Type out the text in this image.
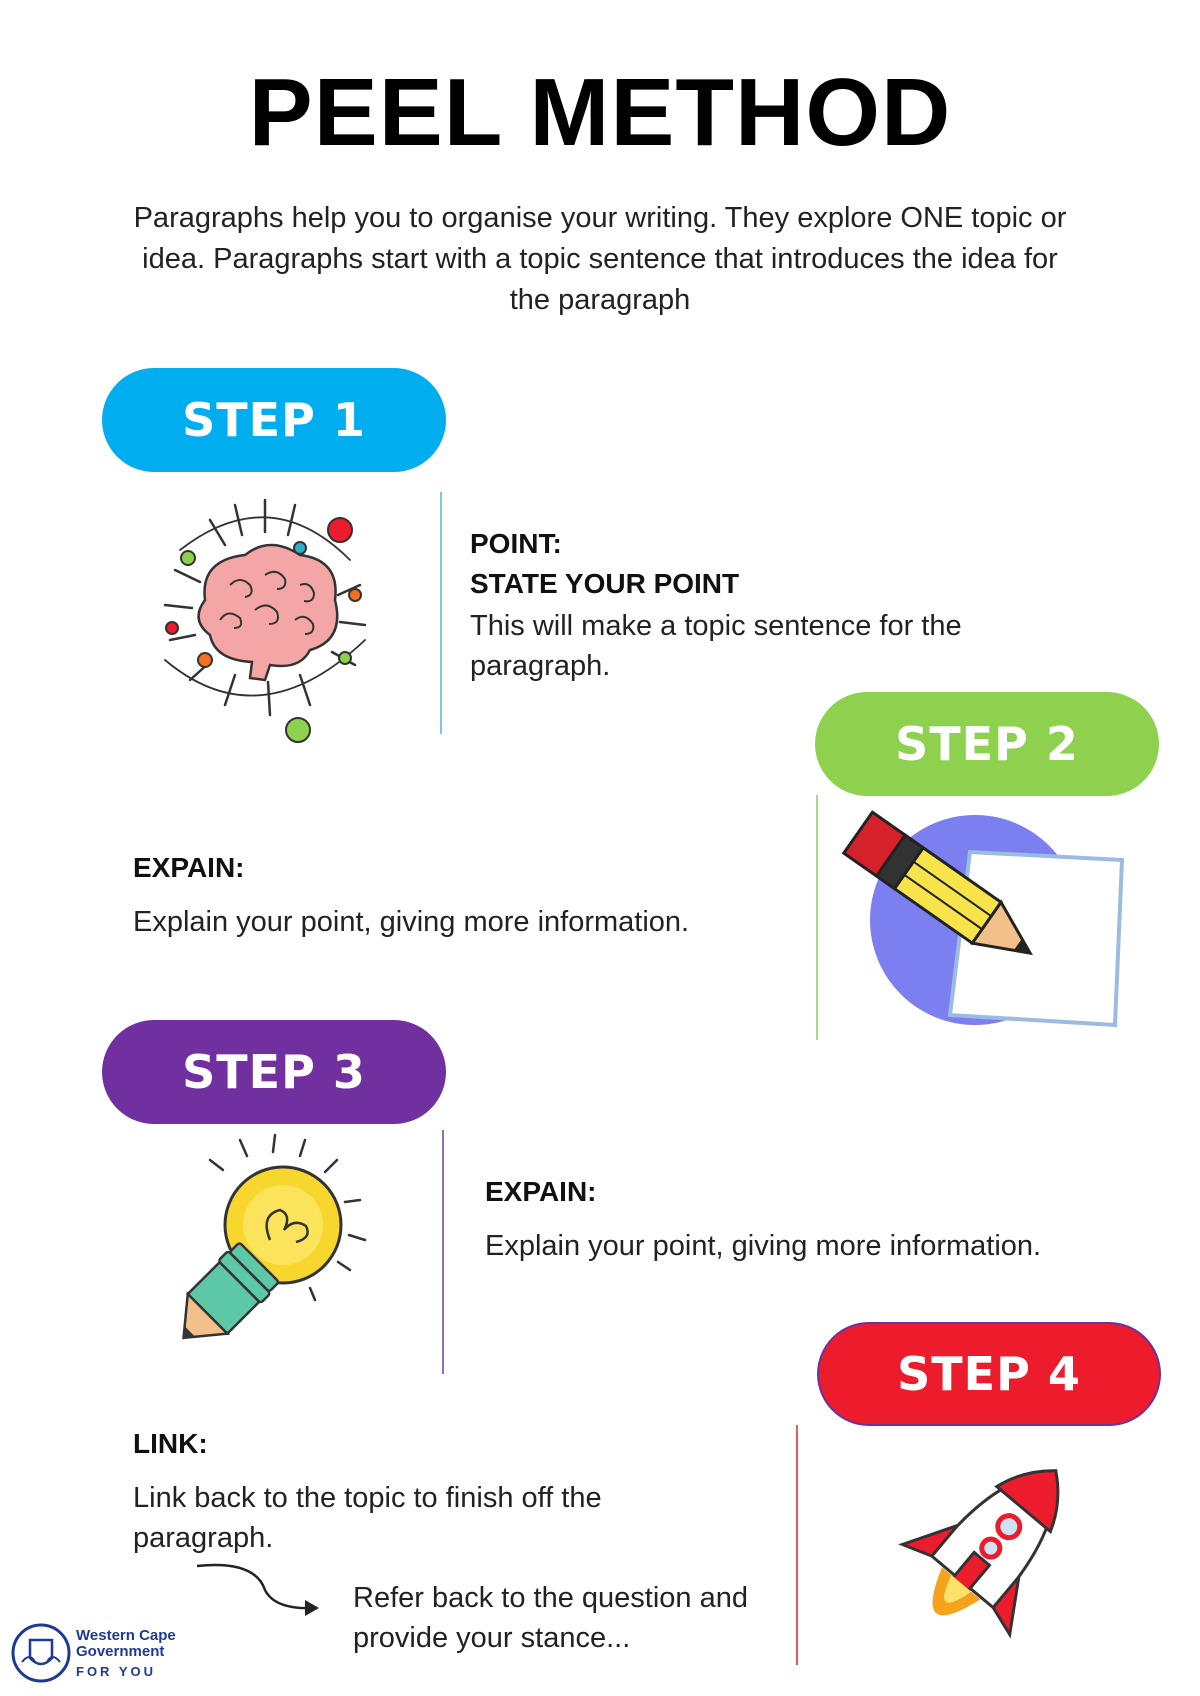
PEEL METHOD
Paragraphs help you to organise your writing. They explore ONE topic or idea. Paragraphs start with a topic sentence that introduces the idea for the paragraph
STEP 1
POINT:
STATE YOUR POINT
This will make a topic sentence for the paragraph.
STEP 2
EXPAIN:
Explain your point, giving more information.
STEP 3
EXPAIN:
Explain your point, giving more information.
STEP 4
LINK:
Link back to the topic to finish off the paragraph.
Refer back to the question and provide your stance...
Western Cape
Government
FOR YOU
